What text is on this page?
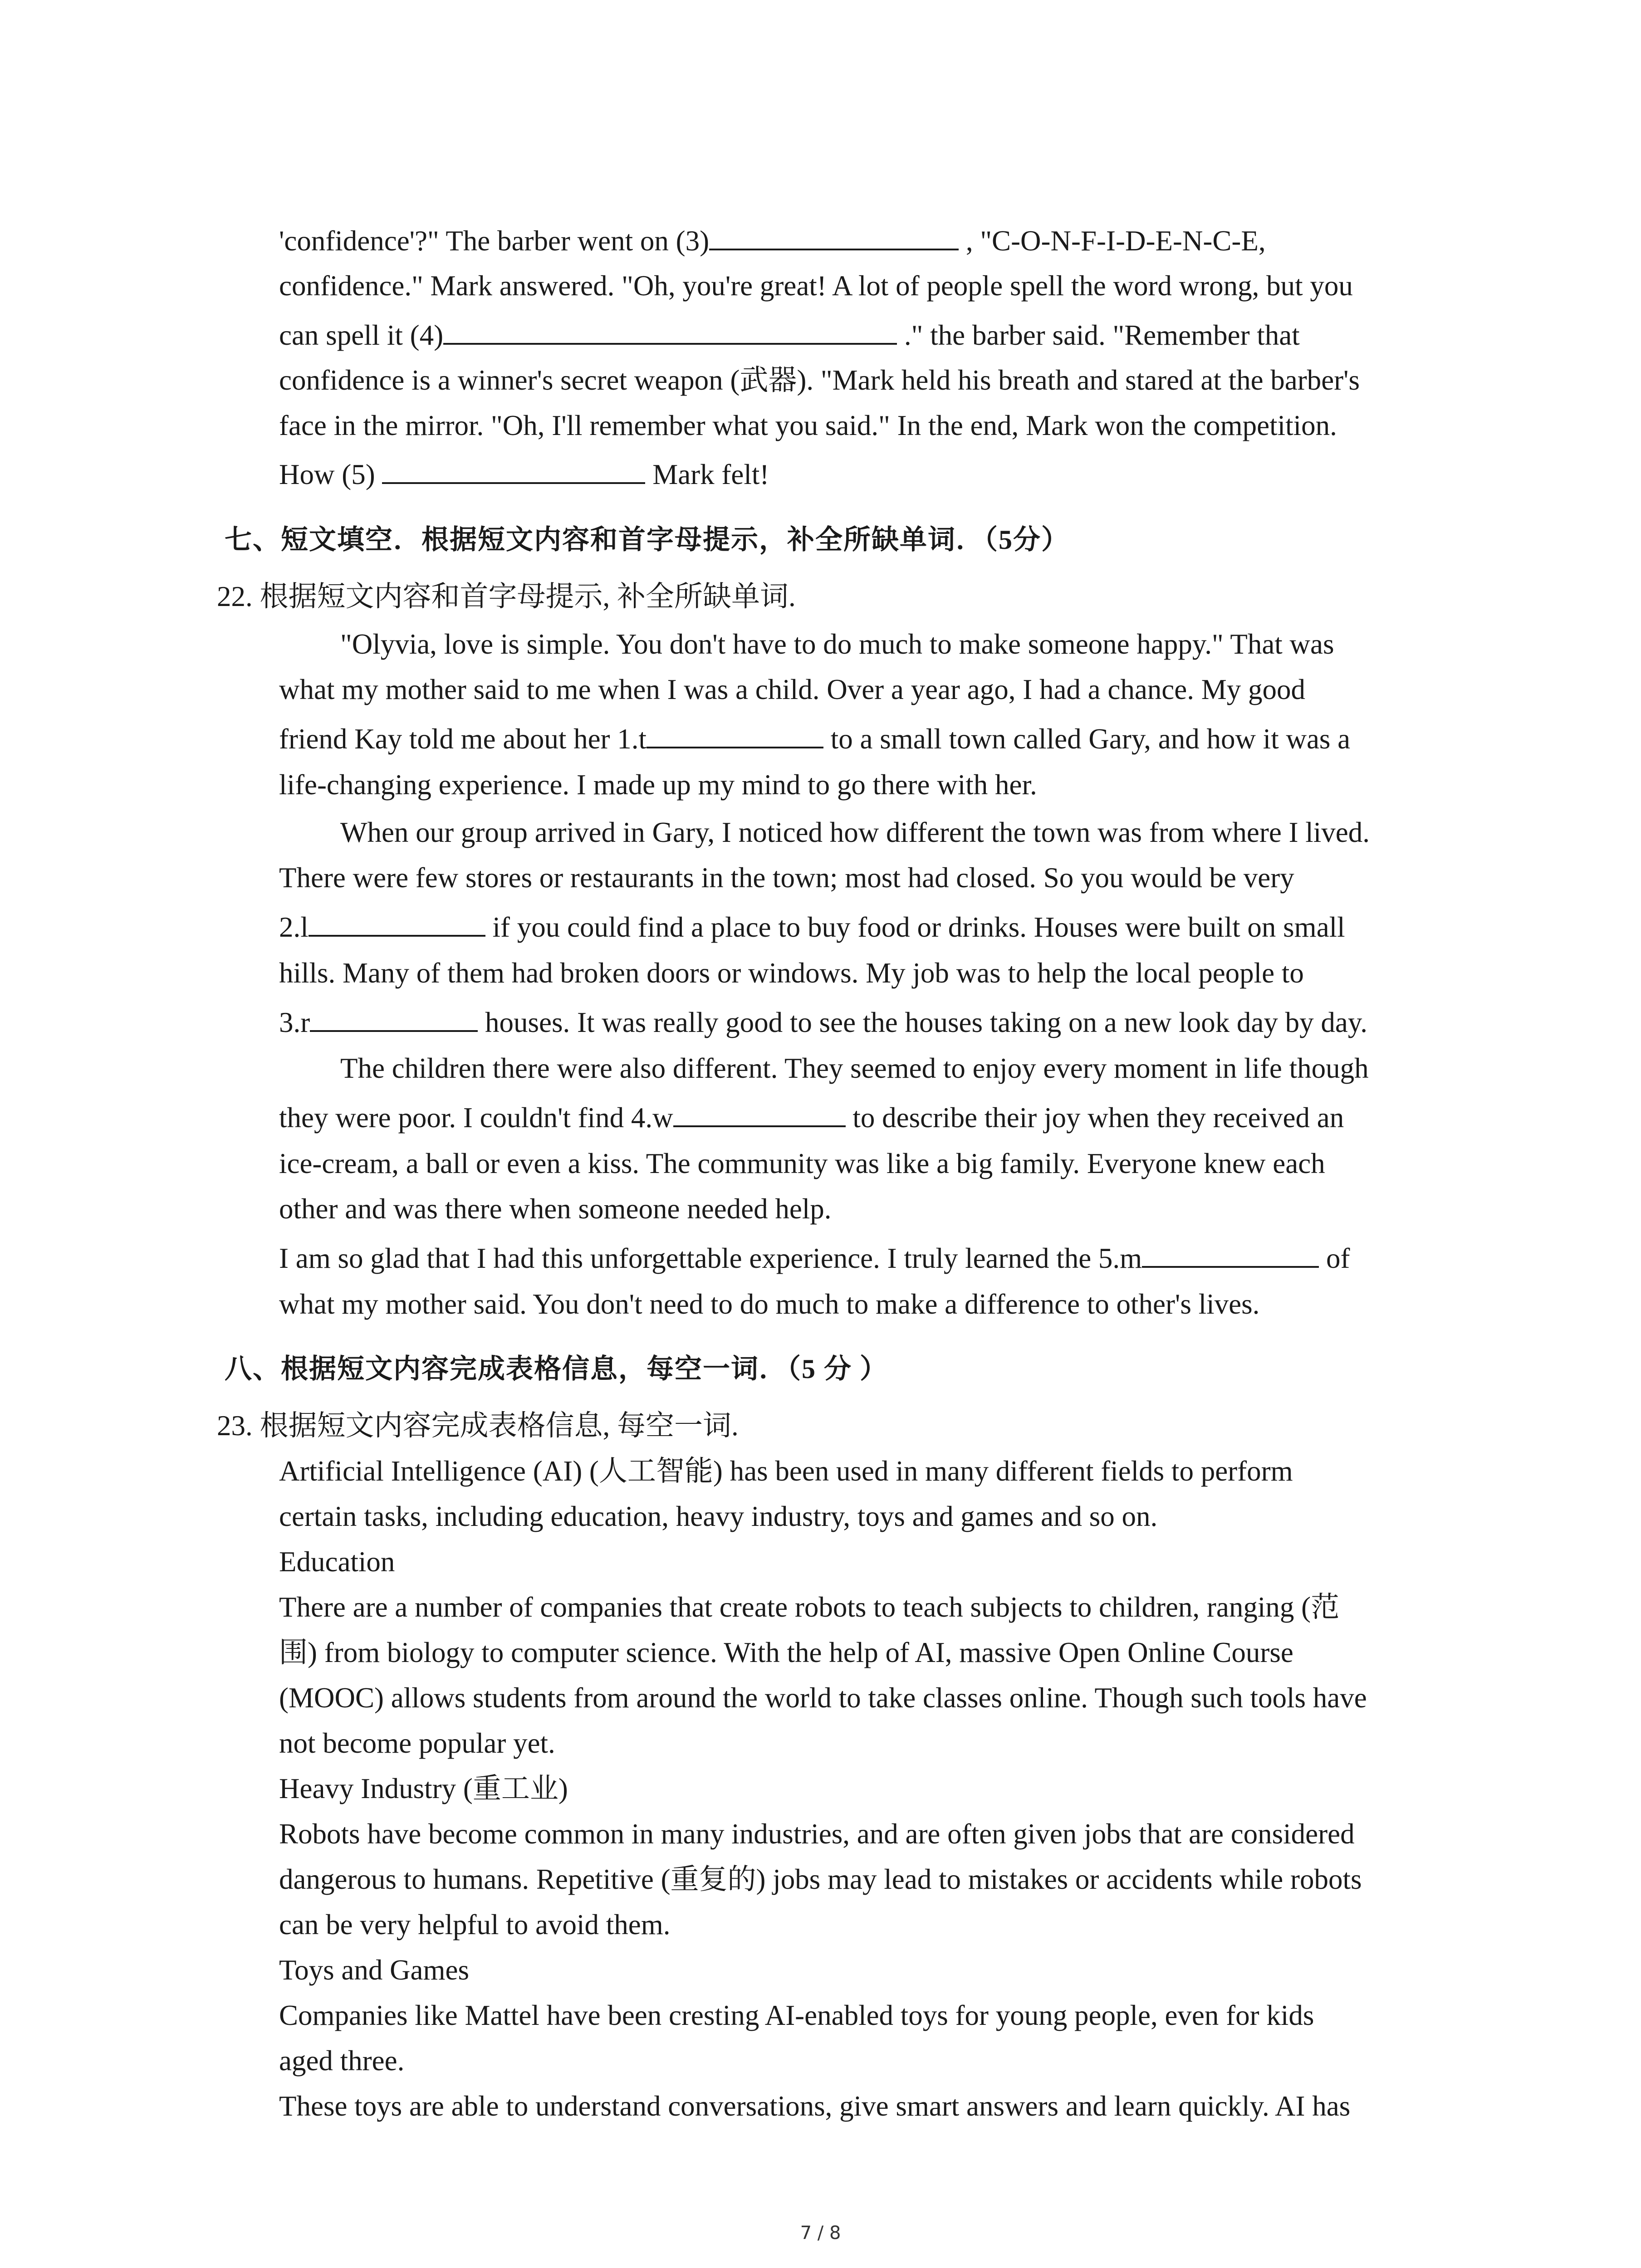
'confidence'?" The barber went on (3)	, "C-O-N-F-I-D-E-N-C-E,
confidence." Mark answered. "Oh, you're great! A lot of people spell the word wrong, but you
can spell it (4)	." the barber said. "Remember that
confidence is a winner's secret weapon (武器). "Mark held his breath and stared at the barber's
face in the mirror. "Oh, I'll remember what you said." In the end, Mark won the competition.
How (5)	Mark felt!
七、短文填空．根据短文内容和首字母提示，补全所缺单词．（5分）
22. 根据短文内容和首字母提示, 补全所缺单词.
"Olyvia, love is simple. You don't have to do much to make someone happy." That was
what my mother said to me when I was a child. Over a year ago, I had a chance. My good
friend Kay told me about her 1.t	to a small town called Gary, and how it was a
life-changing experience. I made up my mind to go there with her.
When our group arrived in Gary, I noticed how different the town was from where I lived.
There were few stores or restaurants in the town; most had closed. So you would be very
2.l	if you could find a place to buy food or drinks. Houses were built on small
hills. Many of them had broken doors or windows. My job was to help the local people to
3.r	houses. It was really good to see the houses taking on a new look day by day.
The children there were also different. They seemed to enjoy every moment in life though
they were poor. I couldn't find 4.w	to describe their joy when they received an
ice-cream, a ball or even a kiss. The community was like a big family. Everyone knew each
other and was there when someone needed help.
I am so glad that I had this unforgettable experience. I truly learned the 5.m	of
what my mother said. You don't need to do much to make a difference to other's lives.
八、根据短文内容完成表格信息，每空一词．（5 分 ）
23. 根据短文内容完成表格信息, 每空一词.
Artificial Intelligence (AI) (人工智能) has been used in many different fields to perform
certain tasks, including education, heavy industry, toys and games and so on.
Education
There are a number of companies that create robots to teach subjects to children, ranging (范
围) from biology to computer science. With the help of AI, massive Open Online Course
(MOOC) allows students from around the world to take classes online. Though such tools have
not become popular yet.
Heavy Industry (重工业)
Robots have become common in many industries, and are often given jobs that are considered
dangerous to humans. Repetitive (重复的) jobs may lead to mistakes or accidents while robots
can be very helpful to avoid them.
Toys and Games
Companies like Mattel have been cresting AI-enabled toys for young people, even for kids
aged three.
These toys are able to understand conversations, give smart answers and learn quickly. AI has
7 / 8
